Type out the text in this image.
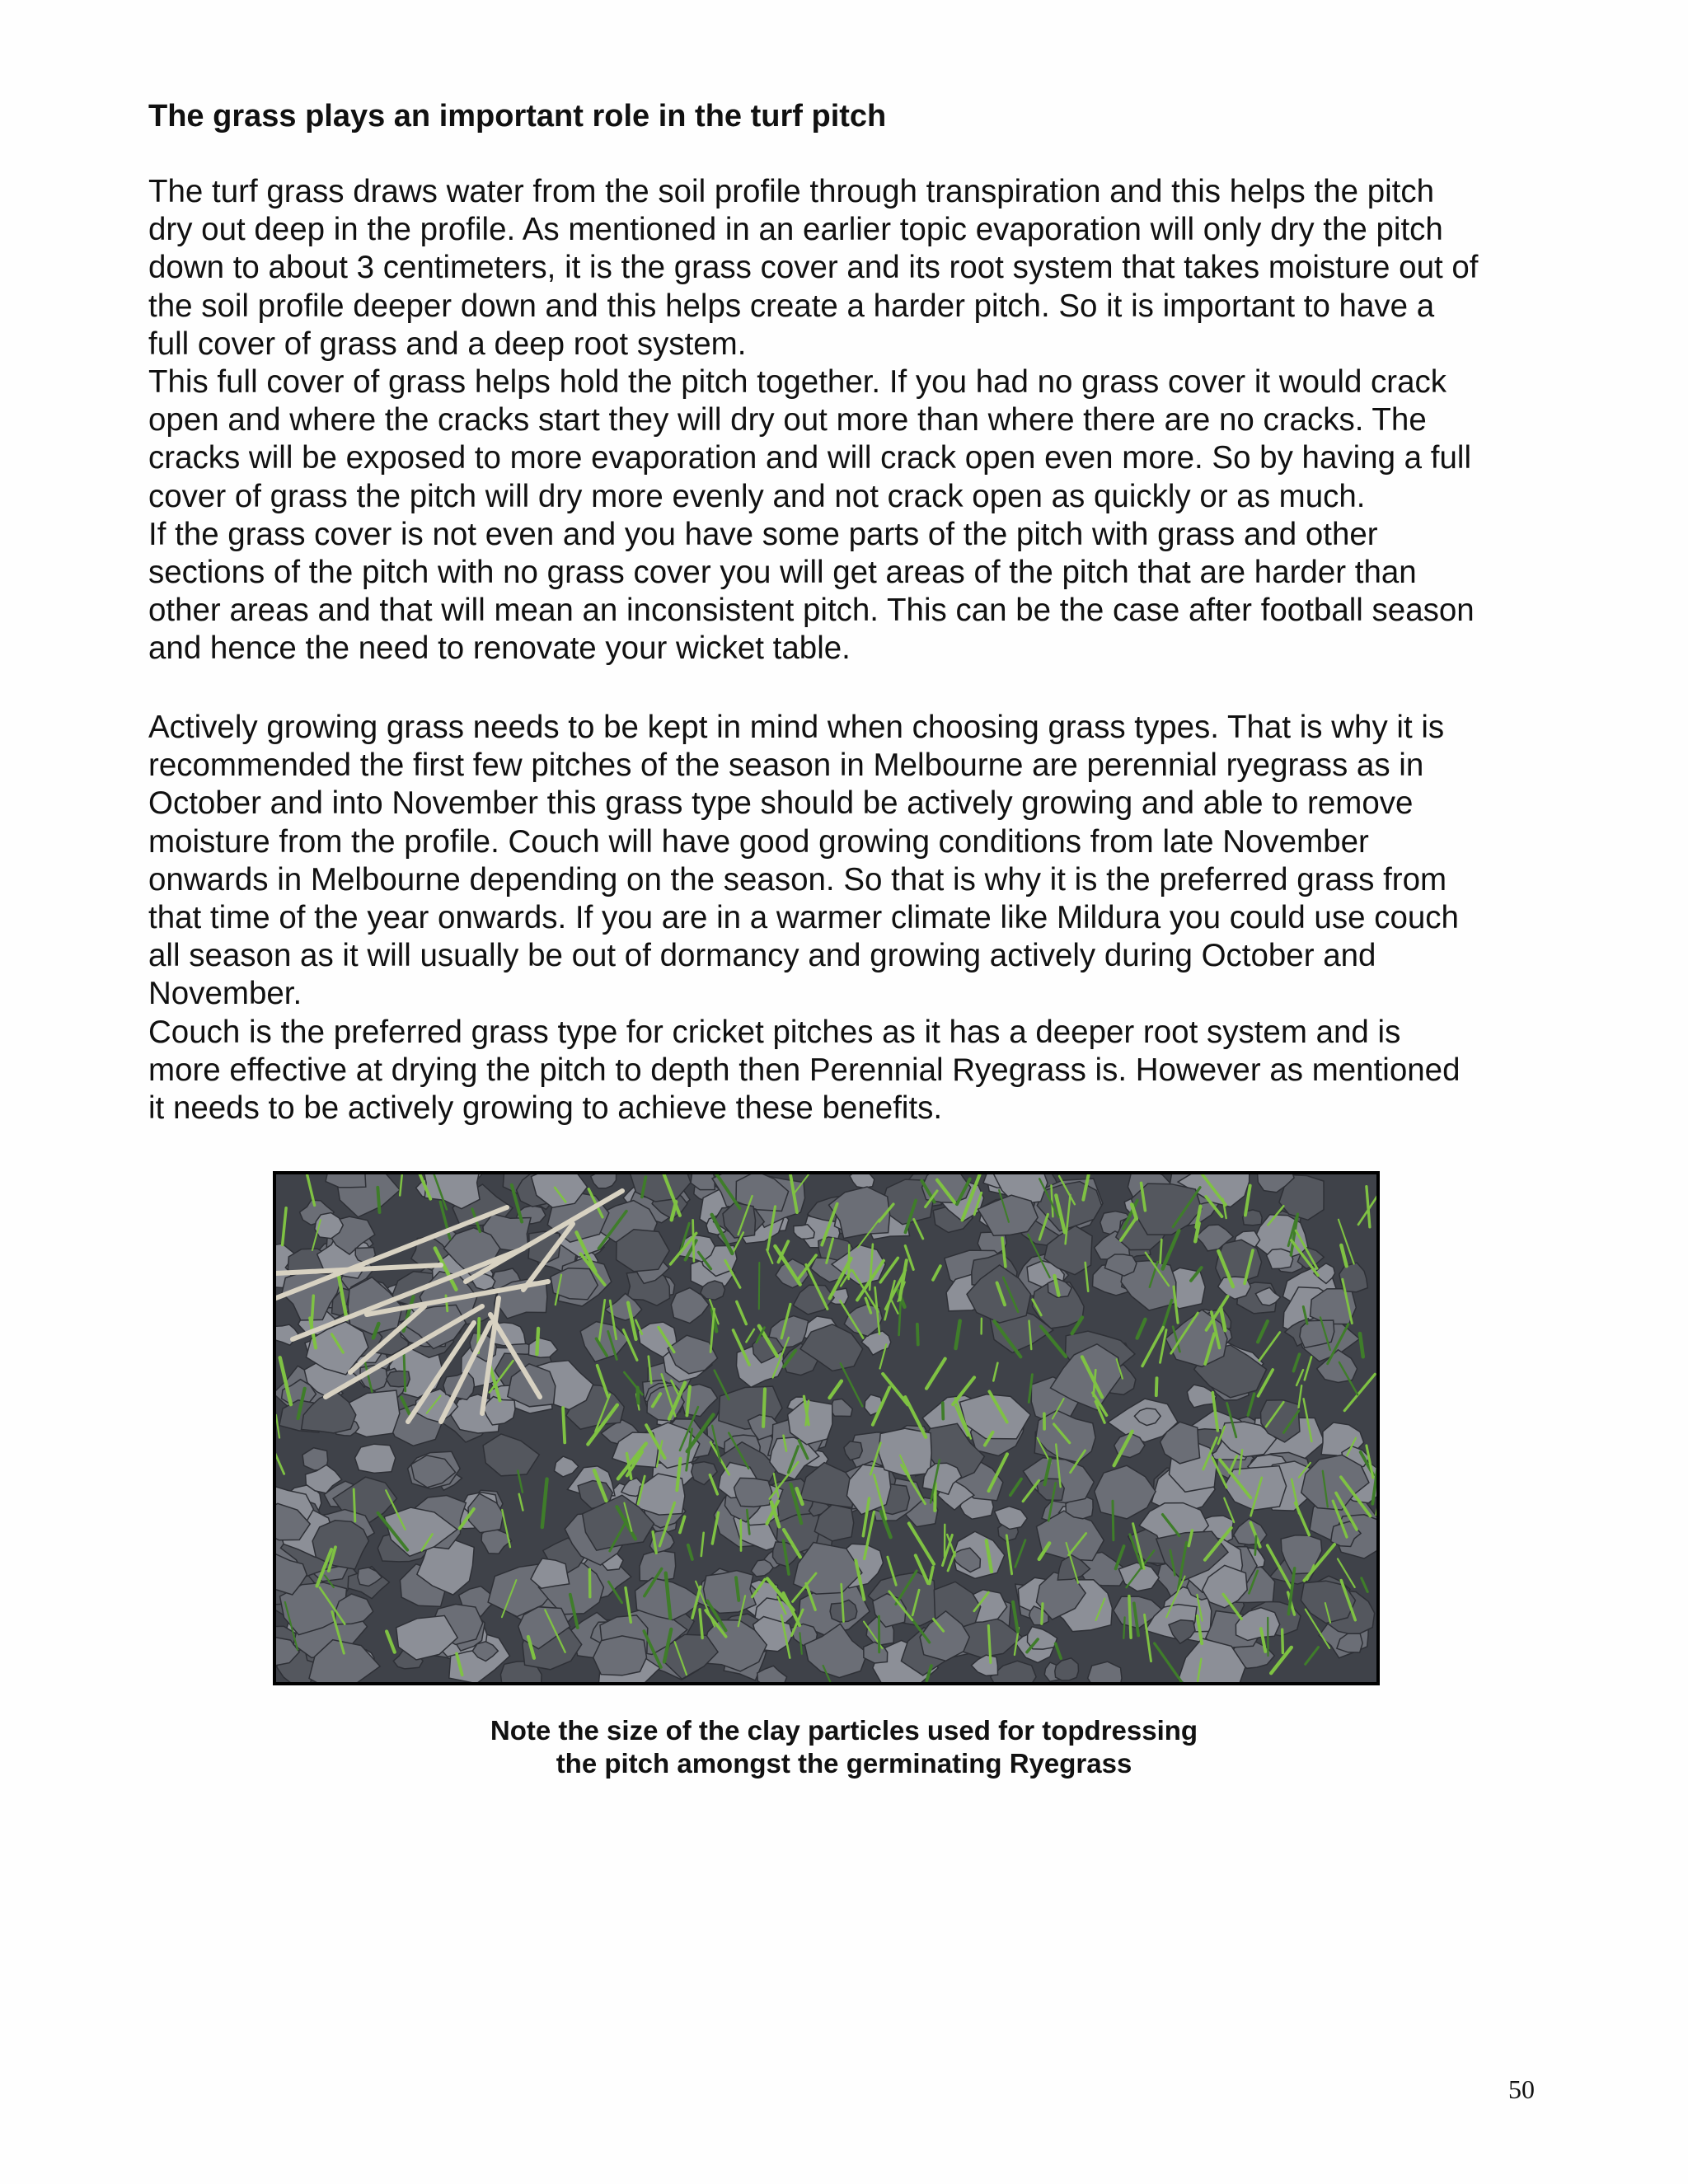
The grass plays an important role in the turf pitch
The turf grass draws water from the soil profile through transpiration and this helps the pitch
dry out deep in the profile. As mentioned in an earlier topic evaporation will only dry the pitch
down to about 3 centimeters, it is the grass cover and its root system that takes moisture out of
the soil profile deeper down and this helps create a harder pitch. So it is important to have a
full cover of grass and a deep root system.
This full cover of grass helps hold the pitch together. If you had no grass cover it would crack
open and where the cracks start they will dry out more than where there are no cracks. The
cracks will be exposed to more evaporation and will crack open even more. So by having a full
cover of grass the pitch will dry more evenly and not crack open as quickly or as much.
If the grass cover is not even and you have some parts of the pitch with grass and other
sections of the pitch with no grass cover you will get areas of the pitch that are harder than
other areas and that will mean an inconsistent pitch. This can be the case after football season
and hence the need to renovate your wicket table.
Actively growing grass needs to be kept in mind when choosing grass types. That is why it is
recommended the first few pitches of the season in Melbourne are perennial ryegrass as in
October and into November this grass type should be actively growing and able to remove
moisture from the profile. Couch will have good growing conditions from late November
onwards in Melbourne depending on the season. So that is why it is the preferred grass from
that time of the year onwards. If you are in a warmer climate like Mildura you could use couch
all season as it will usually be out of dormancy and growing actively during October and
November.
Couch is the preferred grass type for cricket pitches as it has a deeper root system and is
more effective at drying the pitch to depth then Perennial Ryegrass is. However as mentioned
it needs to be actively growing to achieve these benefits.
Note the size of the clay particles used for topdressing
the pitch amongst the germinating Ryegrass
50
